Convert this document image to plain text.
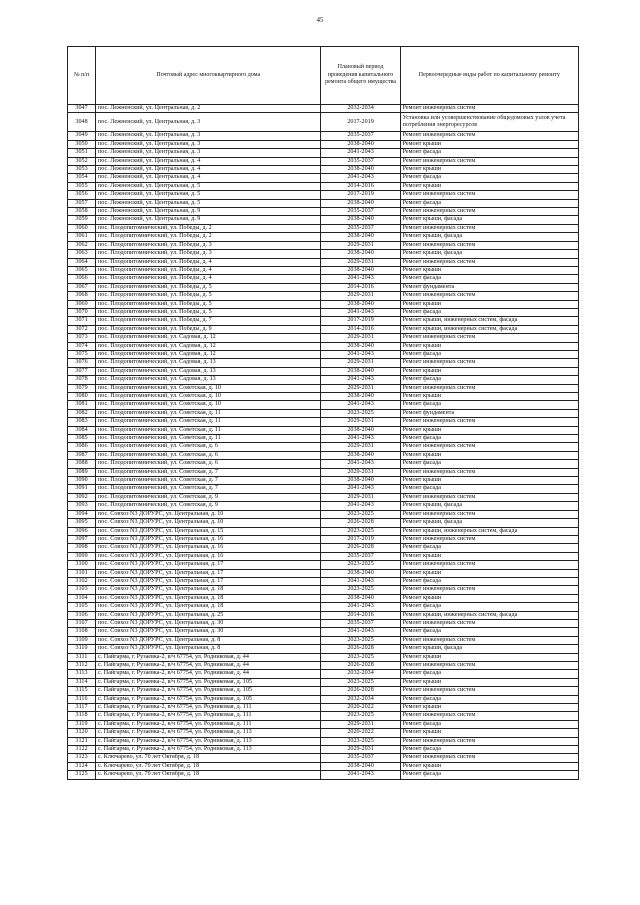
45
№ п/п	Почтовый адрес многоквартирного дома	Плановый период проведения капитального ремонта общего имущества	Первоочередные виды работ по капитальному ремонту
3047	пос. Лежненский, ул. Центральная, д. 2	2032-2034	Ремонт инженерных систем
3048	пос. Лежненский, ул. Центральная, д. 3	2017-2019	Установка или усовершенствование общедомовых узлов учета потребления энергоресурсов
3049	пос. Лежненский, ул. Центральная, д. 3	2035-2037	Ремонт инженерных систем
3050	пос. Лежненский, ул. Центральная, д. 3	2038-2040	Ремонт крыши
3051	пос. Лежненский, ул. Центральная, д. 3	2041-2043	Ремонт фасада
3052	пос. Лежненский, ул. Центральная, д. 4	2035-2037	Ремонт инженерных систем
3053	пос. Лежненский, ул. Центральная, д. 4	2038-2040	Ремонт крыши
3054	пос. Лежненский, ул. Центральная, д. 4	2041-2043	Ремонт фасада
3055	пос. Лежненский, ул. Центральная, д. 5	2014-2016	Ремонт крыши
3056	пос. Лежненский, ул. Центральная, д. 5	2017-2019	Ремонт инженерных систем
3057	пос. Лежненский, ул. Центральная, д. 5	2038-2040	Ремонт фасада
3058	пос. Лежненский, ул. Центральная, д. 9	2035-2037	Ремонт инженерных систем
3059	пос. Лежненский, ул. Центральная, д. 9	2038-2040	Ремонт крыши, фасада
3060	пос. Плодопитомнический, ул. Победы, д. 2	2035-2037	Ремонт инженерных систем
3061	пос. Плодопитомнический, ул. Победы, д. 2	2038-2040	Ремонт крыши, фасада
3062	пос. Плодопитомнический, ул. Победы, д. 3	2029-2031	Ремонт инженерных систем
3063	пос. Плодопитомнический, ул. Победы, д. 3	2038-2040	Ремонт крыши, фасада
3064	пос. Плодопитомнический, ул. Победы, д. 4	2029-2031	Ремонт инженерных систем
3065	пос. Плодопитомнический, ул. Победы, д. 4	2038-2040	Ремонт крыши
3066	пос. Плодопитомнический, ул. Победы, д. 4	2041-2043	Ремонт фасада
3067	пос. Плодопитомнический, ул. Победы, д. 5	2014-2016	Ремонт фундамента
3068	пос. Плодопитомнический, ул. Победы, д. 5	2029-2031	Ремонт инженерных систем
3069	пос. Плодопитомнический, ул. Победы, д. 5	2038-2040	Ремонт крыши
3070	пос. Плодопитомнический, ул. Победы, д. 5	2041-2043	Ремонт фасада
3071	пос. Плодопитомнический, ул. Победы, д. 7	2017-2019	Ремонт крыши, инженерных систем, фасада
3072	пос. Плодопитомнический, ул. Победы, д. 9	2014-2016	Ремонт крыши, инженерных систем, фасада
3073	пос. Плодопитомнический, ул. Садовая, д. 12	2029-2031	Ремонт инженерных систем
3074	пос. Плодопитомнический, ул. Садовая, д. 12	2038-2040	Ремонт крыши
3075	пос. Плодопитомнический, ул. Садовая, д. 12	2041-2043	Ремонт фасада
3076	пос. Плодопитомнический, ул. Садовая, д. 13	2029-2031	Ремонт инженерных систем
3077	пос. Плодопитомнический, ул. Садовая, д. 13	2038-2040	Ремонт крыши
3078	пос. Плодопитомнический, ул. Садовая, д. 13	2041-2043	Ремонт фасада
3079	пос. Плодопитомнический, ул. Советская, д. 10	2029-2031	Ремонт инженерных систем
3080	пос. Плодопитомнический, ул. Советская, д. 10	2038-2040	Ремонт крыши
3081	пос. Плодопитомнический, ул. Советская, д. 10	2041-2043	Ремонт фасада
3082	пос. Плодопитомнический, ул. Советская, д. 11	2023-2025	Ремонт фундамента
3083	пос. Плодопитомнический, ул. Советская, д. 11	2029-2031	Ремонт инженерных систем
3084	пос. Плодопитомнический, ул. Советская, д. 11	2038-2040	Ремонт крыши
3085	пос. Плодопитомнический, ул. Советская, д. 11	2041-2043	Ремонт фасада
3086	пос. Плодопитомнический, ул. Советская, д. 6	2029-2031	Ремонт инженерных систем
3087	пос. Плодопитомнический, ул. Советская, д. 6	2038-2040	Ремонт крыши
3088	пос. Плодопитомнический, ул. Советская, д. 6	2041-2043	Ремонт фасада
3089	пос. Плодопитомнический, ул. Советская, д. 7	2029-2031	Ремонт инженерных систем
3090	пос. Плодопитомнический, ул. Советская, д. 7	2038-2040	Ремонт крыши
3091	пос. Плодопитомнический, ул. Советская, д. 7	2041-2043	Ремонт фасада
3092	пос. Плодопитомнический, ул. Советская, д. 9	2029-2031	Ремонт инженерных систем
3093	пос. Плодопитомнический, ул. Советская, д. 9	2041-2043	Ремонт крыши, фасада
3094	пос. Совхоз N3 ДОРУРС, ул. Центральная, д. 10	2023-2025	Ремонт инженерных систем
3095	пос. Совхоз N3 ДОРУРС, ул. Центральная, д. 10	2026-2028	Ремонт крыши, фасада
3096	пос. Совхоз N3 ДОРУРС, ул. Центральная, д. 15	2023-2025	Ремонт крыши, инженерных систем, фасада
3097	пос. Совхоз N3 ДОРУРС, ул. Центральная, д. 16	2017-2019	Ремонт инженерных систем
3098	пос. Совхоз N3 ДОРУРС, ул. Центральная, д. 16	2026-2028	Ремонт фасада
3099	пос. Совхоз N3 ДОРУРС, ул. Центральная, д. 16	2035-2037	Ремонт крыши
3100	пос. Совхоз N3 ДОРУРС, ул. Центральная, д. 17	2023-2025	Ремонт инженерных систем
3101	пос. Совхоз N3 ДОРУРС, ул. Центральная, д. 17	2038-2040	Ремонт крыши
3102	пос. Совхоз N3 ДОРУРС, ул. Центральная, д. 17	2041-2043	Ремонт фасада
3103	пос. Совхоз N3 ДОРУРС, ул. Центральная, д. 18	2023-2025	Ремонт инженерных систем
3104	пос. Совхоз N3 ДОРУРС, ул. Центральная, д. 18	2038-2040	Ремонт крыши
3105	пос. Совхоз N3 ДОРУРС, ул. Центральная, д. 18	2041-2043	Ремонт фасада
3106	пос. Совхоз N3 ДОРУРС, ул. Центральная, д. 25	2014-2016	Ремонт крыши, инженерных систем, фасада
3107	пос. Совхоз N3 ДОРУРС, ул. Центральная, д. 30	2035-2037	Ремонт инженерных систем
3108	пос. Совхоз N3 ДОРУРС, ул. Центральная, д. 30	2041-2043	Ремонт фасада
3109	пос. Совхоз N3 ДОРУРС, ул. Центральная, д. 8	2023-2025	Ремонт инженерных систем
3110	пос. Совхоз N3 ДОРУРС, ул. Центральная, д. 8	2026-2028	Ремонт крыши, фасада
3111	с. Пайгарма, г. Рузаевка-2, в/ч 67754, ул. Родниковая, д. 44	2023-2025	Ремонт крыши
3112	с. Пайгарма, г. Рузаевка-2, в/ч 67754, ул. Родниковая, д. 44	2026-2028	Ремонт инженерных систем
3113	с. Пайгарма, г. Рузаевка-2, в/ч 67754, ул. Родниковая, д. 44	2032-2034	Ремонт фасада
3114	с. Пайгарма, г. Рузаевка-2, в/ч 67754, ул. Родниковая, д. 105	2023-2025	Ремонт крыши
3115	с. Пайгарма, г. Рузаевка-2, в/ч 67754, ул. Родниковая, д. 105	2026-2028	Ремонт инженерных систем
3116	с. Пайгарма, г. Рузаевка-2, в/ч 67754, ул. Родниковая, д. 105	2032-2034	Ремонт фасада
3117	с. Пайгарма, г. Рузаевка-2, в/ч 67754, ул. Родниковая, д. 111	2020-2022	Ремонт крыши
3118	с. Пайгарма, г. Рузаевка-2, в/ч 67754, ул. Родниковая, д. 111	2023-2025	Ремонт инженерных систем
3119	с. Пайгарма, г. Рузаевка-2, в/ч 67754, ул. Родниковая, д. 111	2029-2031	Ремонт фасада
3120	с. Пайгарма, г. Рузаевка-2, в/ч 67754, ул. Родниковая, д. 113	2020-2022	Ремонт крыши
3121	с. Пайгарма, г. Рузаевка-2, в/ч 67754, ул. Родниковая, д. 113	2023-2025	Ремонт инженерных систем
3122	с. Пайгарма, г. Рузаевка-2, в/ч 67754, ул. Родниковая, д. 113	2029-2031	Ремонт фасада
3123	с. Ключарево, ул. 70 лет Октября, д. 18	2035-2037	Ремонт инженерных систем
3124	с. Ключарево, ул. 70 лет Октября, д. 18	2038-2040	Ремонт крыши
3125	с. Ключарево, ул. 70 лет Октября, д. 18	2041-2043	Ремонт фасада
